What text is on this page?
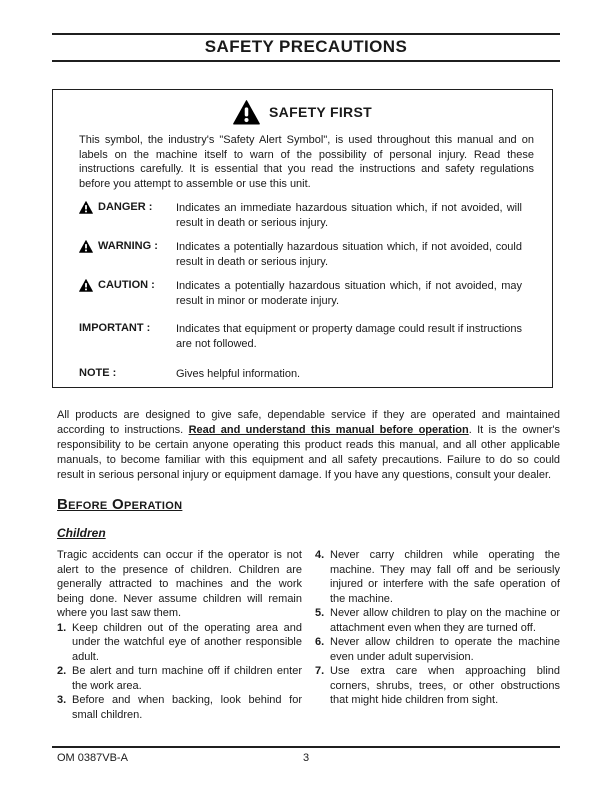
SAFETY PRECAUTIONS
SAFETY FIRST
This symbol, the industry's "Safety Alert Symbol", is used throughout this manual and on labels on the machine itself to warn of the possibility of personal injury. Read these instructions carefully. It is essential that you read the instructions and safety regulations before you attempt to assemble or use this unit.
DANGER : Indicates an immediate hazardous situation which, if not avoided, will result in death or serious injury.
WARNING : Indicates a potentially hazardous situation which, if not avoided, could result in death or serious injury.
CAUTION : Indicates a potentially hazardous situation which, if not avoided, may result in minor or moderate injury.
IMPORTANT :	Indicates that equipment or property damage could result if instructions are not followed.
NOTE :	Gives helpful information.
All products are designed to give safe, dependable service if they are operated and maintained according to instructions. Read and understand this manual before operation. It is the owner's responsibility to be certain anyone operating this product reads this manual, and all other applicable manuals, to become familiar with this equipment and all safety precautions. Failure to do so could result in serious personal injury or equipment damage. If you have any questions, consult your dealer.
Before Operation
Children
Tragic accidents can occur if the operator is not alert to the presence of children. Children are generally attracted to machines and the work being done. Never assume children will remain where you last saw them.
1. Keep children out of the operating area and under the watchful eye of another responsible adult.
2. Be alert and turn machine off if children enter the work area.
3. Before and when backing, look behind for small children.
4. Never carry children while operating the machine. They may fall off and be seriously injured or interfere with the safe operation of the machine.
5. Never allow children to play on the machine or attachment even when they are turned off.
6. Never allow children to operate the machine even under adult supervision.
7. Use extra care when approaching blind corners, shrubs, trees, or other obstructions that might hide children from sight.
3
OM 0387VB-A
